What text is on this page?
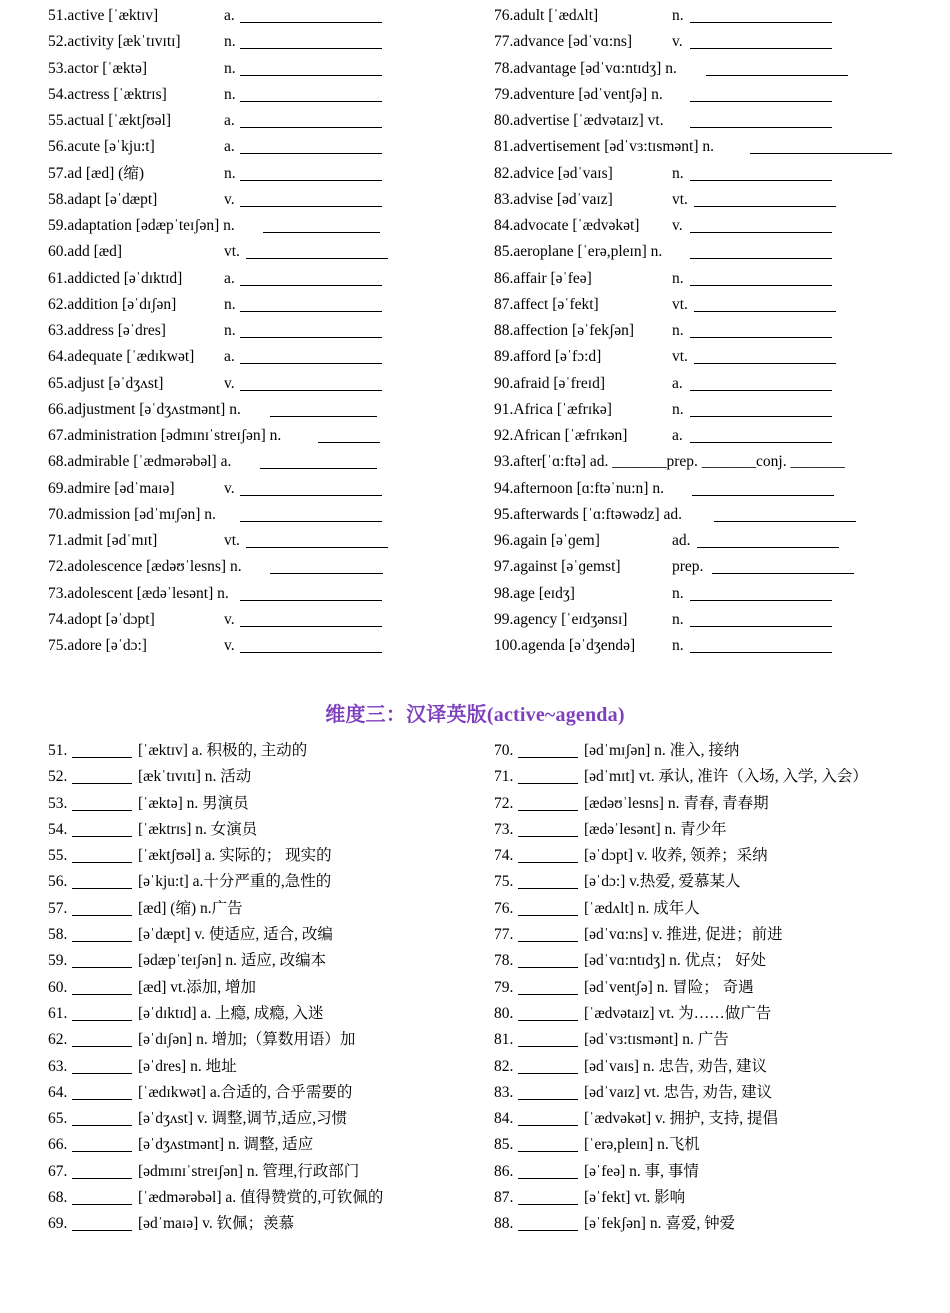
51.active [ˈæktɪv]	a.
52.activity [ækˈtɪvɪtɪ]	n.
53.actor [ˈæktə]	n.
54.actress [ˈæktrɪs]	n.
55.actual [ˈæktʃʊəl]	a.
56.acute [əˈkju:t]	a.
57.ad [æd] (缩)	n.
58.adapt [əˈdæpt]	v.
59.adaptation [ədæpˈteɪʃən] n.
60.add [æd]	vt.
61.addicted [əˈdɪktɪd]	a.
62.addition [əˈdɪʃən]	n.
63.address [əˈdres]	n.
64.adequate [ˈædɪkwət] a.
65.adjust [əˈdʒʌst]	v.
66.adjustment [əˈdʒʌstmənt] n.
67.administration [ədmɪnɪˈstreɪʃən] n.
68.admirable [ˈædmərəbəl] a.
69.admire [ədˈmaɪə]	v.
70.admission [ədˈmɪʃən] n.
71.admit [ədˈmɪt]	vt.
72.adolescence [ædəʊˈlesns] n.
73.adolescent [ædəˈlesənt] n.
74.adopt [əˈdɔpt]	v.
75.adore [əˈdɔ:]	v.
76.adult [ˈædʌlt]	n.
77.advance [ədˈvɑ:ns]	v.
78.advantage [ədˈvɑ:ntɪdʒ] n.
79.adventure [ədˈventʃə] n.
80.advertise [ˈædvətaɪz] vt.
81.advertisement [ədˈvɜ:tɪsmənt] n.
82.advice [ədˈvaɪs]	n.
83.advise [ədˈvaɪz]	vt.
84.advocate [ˈædvəkət] v.
85.aeroplane [ˈerə,pleɪn] n.
86.affair [əˈfeə]	n.
87.affect [əˈfekt]	vt.
88.affection [əˈfekʃən] n.
89.afford [əˈfɔ:d]	vt.
90.afraid [əˈfreɪd]	a.
91.Africa [ˈæfrɪkə]	n.
92.African [ˈæfrɪkən]	a.
93.after[ˈɑ:ftə] ad. _______prep. _______conj. _______
94.afternoon [ɑ:ftəˈnu:n] n.
95.afterwards [ˈɑ:ftəwədz] ad.
96.again [əˈɡem]	ad.
97.against [əˈɡemst]	prep.
98.age [eɪdʒ]	n.
99.agency [ˈeɪdʒənsɪ]	n.
100.agenda [əˈdʒendə] n.
维度三：汉译英版(active~agenda)
51.	[ˈæktɪv] a. 积极的, 主动的
52.	[ækˈtɪvɪtɪ] n. 活动
53.	[ˈæktə] n. 男演员
54.	[ˈæktrɪs] n. 女演员
55.	[ˈæktʃʊəl] a. 实际的； 现实的
56.	[əˈkju:t] a.十分严重的,急性的
57.	[æd] (缩) n.广告
58.	[əˈdæpt] v. 使适应, 适合, 改编
59.	[ədæpˈteɪʃən] n. 适应, 改编本
60.	[æd] vt.添加, 增加
61.	[əˈdɪktɪd] a. 上瘾, 成瘾, 入迷
62.	[əˈdɪʃən] n. 增加;（算数用语）加
63.	[əˈdres] n. 地址
64.	[ˈædɪkwət] a.合适的, 合乎需要的
65.	[əˈdʒʌst] v. 调整,调节,适应,习惯
66.	[əˈdʒʌstmənt] n. 调整, 适应
67.	[ədmɪnɪˈstreɪʃən] n. 管理,行政部门
68.	[ˈædmərəbəl] a. 值得赞赏的,可钦佩的
69.	[ədˈmaɪə] v. 钦佩；羡慕
70.	[ədˈmɪʃən] n. 准入, 接纳
71.	[ədˈmɪt] vt. 承认, 准许（入场, 入学, 入会）
72.	[ædəʊˈlesns] n. 青春, 青春期
73.	[ædəˈlesənt] n. 青少年
74.	[əˈdɔpt] v. 收养, 领养；采纳
75.	[əˈdɔ:] v.热爱, 爱慕某人
76.	[ˈædʌlt] n. 成年人
77.	[ədˈvɑ:ns] v. 推进, 促进；前进
78.	[ədˈvɑ:ntɪdʒ] n. 优点； 好处
79.	[ədˈventʃə] n. 冒险； 奇遇
80.	[ˈædvətaɪz] vt. 为……做广告
81.	[ədˈvɜ:tɪsmənt] n. 广告
82.	[ədˈvaɪs] n. 忠告, 劝告, 建议
83.	[ədˈvaɪz] vt. 忠告, 劝告, 建议
84.	[ˈædvəkət] v. 拥护, 支持, 提倡
85.	[ˈerə,pleɪn] n.飞机
86.	[əˈfeə] n. 事, 事情
87.	[əˈfekt] vt. 影响
88.	[əˈfekʃən] n. 喜爱, 钟爱
